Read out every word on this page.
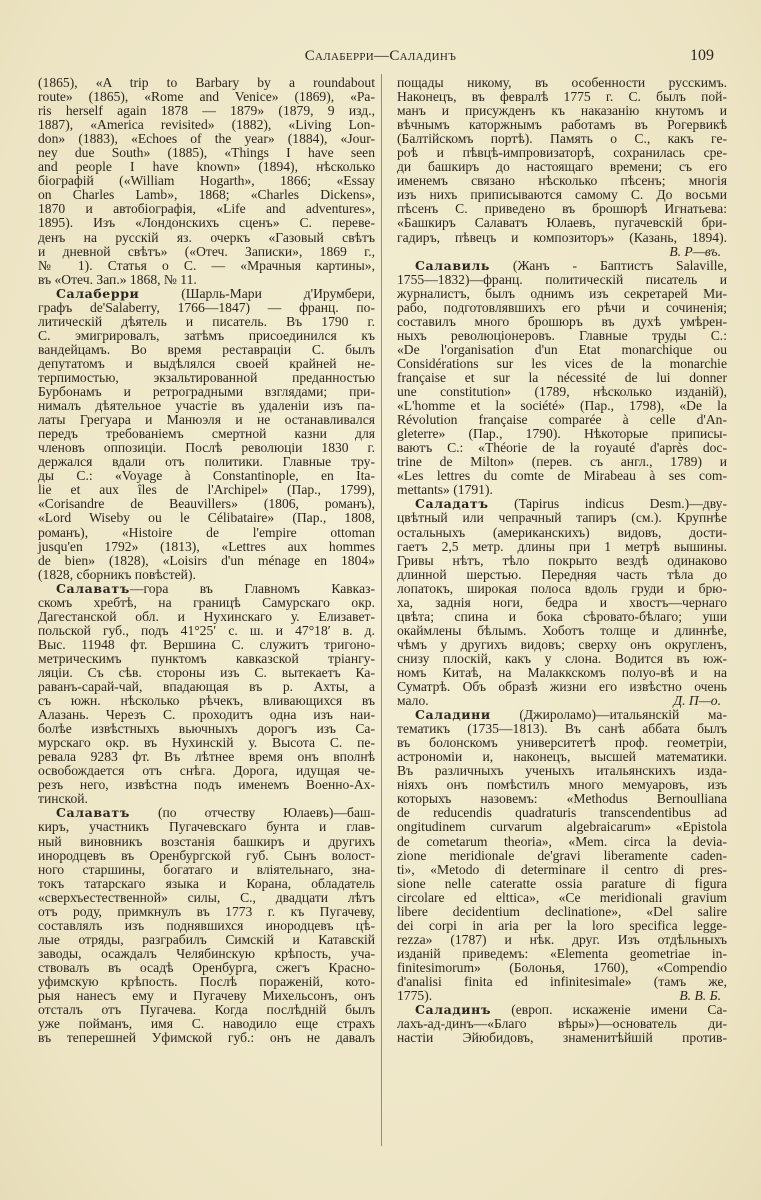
Салаберри—Саладинъ	109
(1865), «A trip to Barbary by a roundabout
route» (1865), «Rome and Venice» (1869), «Pa-
ris herself again 1878 — 1879» (1879, 9 изд.,
1887), «America revisited» (1882), «Living Lon-
don» (1883), «Echoes of the year» (1884), «Jour-
ney due South» (1885), «Things I have seen
and people I have known» (1894), нѣсколько
біографій («William Hogarth», 1866; «Essay
on Charles Lamb», 1868; «Charles Dickens»,
1870 и автобіографія, «Life and adventures»,
1895). Изъ «Лондонскихъ сценъ» С. переве-
денъ на русскій яз. очеркъ «Газовый свѣтъ
и дневной свѣтъ» («Отеч. Записки», 1869 г.,
№ 1). Статья о С. — «Мрачныя картины»,
въ «Отеч. Зап.» 1868, № 11.
Салаберри (Шарль-Мари д'Ирумбери,
графъ de'Salaberry, 1766—1847) — франц. по-
литическій дѣятель и писатель. Въ 1790 г.
С. эмигрировалъ, затѣмъ присоединился къ
вандейцамъ. Во время реставраціи С. былъ
депутатомъ и выдѣлялся своей крайней не-
терпимостью, экзальтированной преданностью
Бурбонамъ и ретроградными взглядами; при-
нималъ дѣятельное участіе въ удаленіи изъ па-
латы Грегуара и Манюэля и не останавливался
передъ требованіемъ смертной казни для
членовъ оппозиціи. Послѣ революціи 1830 г.
держался вдали отъ политики. Главные тру-
ды С.: «Voyage à Constantinople, en Ita-
lie et aux îles de l'Archipel» (Пар., 1799),
«Corisandre de Beauvillers» (1806, романъ),
«Lord Wiseby ou le Célibataire» (Пар., 1808,
романъ), «Histoire de l'empire ottoman
jusqu'en 1792» (1813), «Lettres aux hommes
de bien» (1828), «Loisirs d'un ménage en 1804»
(1828, сборникъ повѣстей).
Салаватъ—гора въ Главномъ Кавказ-
скомъ хребтѣ, на границѣ Самурскаго окр.
Дагестанской обл. и Нухинскаго у. Елизавет-
польской губ., подъ 41°25′ с. ш. и 47°18′ в. д.
Выс. 11948 фт. Вершина С. служитъ тригоно-
метрическимъ пунктомъ кавказской тріангу-
ляціи. Съ сѣв. стороны изъ С. вытекаетъ Ка-
раванъ-сарай-чай, впадающая въ р. Ахты, а
съ южн. нѣсколько рѣчекъ, вливающихся въ
Алазань. Черезъ С. проходитъ одна изъ наи-
болѣе извѣстныхъ вьючныхъ дорогъ изъ Са-
мурскаго окр. въ Нухинскій у. Высота С. пе-
ревала 9283 фт. Въ лѣтнее время онъ вполнѣ
освобождается отъ снѣга. Дорога, идущая че-
резъ него, извѣстна подъ именемъ Военно-Ах-
тинской.
Салаватъ (по отчеству Юлаевъ)—баш-
киръ, участникъ Пугачевскаго бунта и глав-
ный виновникъ возстанія башкиръ и другихъ
инородцевъ въ Оренбургской губ. Сынъ волост-
ного старшины, богатаго и вліятельнаго, зна-
токъ татарскаго языка и Корана, обладатель
«сверхъестественной» силы, С., двадцати лѣтъ
отъ роду, примкнулъ въ 1773 г. къ Пугачеву,
составлялъ изъ поднявшихся инородцевъ цѣ-
лые отряды, разграбилъ Симскій и Катавскій
заводы, осаждалъ Челябинскую крѣпость, уча-
ствовалъ въ осадѣ Оренбурга, сжегъ Красно-
уфимскую крѣпость. Послѣ пораженій, кото-
рыя нанесъ ему и Пугачеву Михельсонъ, онъ
отсталъ отъ Пугачева. Когда послѣдній былъ
уже пойманъ, имя С. наводило еще страхъ
въ теперешней Уфимской губ.: онъ не давалъ
пощады никому, въ особенности русскимъ.
Наконецъ, въ февралѣ 1775 г. С. былъ пой-
манъ и присужденъ къ наказанію кнутомъ и
вѣчнымъ каторжнымъ работамъ въ Рогервикѣ
(Балтійскомъ портѣ). Память о С., какъ ге-
роѣ и пѣвцѣ-импровизаторѣ, сохранилась сре-
ди башкиръ до настоящаго времени; съ его
именемъ связано нѣсколько пѣсенъ; многія
изъ нихъ приписываются самому С. До восьми
пѣсенъ С. приведено въ брошюрѣ Игнатьева:
«Башкиръ Салаватъ Юлаевъ, пугачевскій бри-
гадиръ, пѣвецъ и композиторъ» (Казань, 1894).
В. Р—въ.
Салавиль (Жанъ - Баптистъ Salaville,
1755—1832)—франц. политическій писатель и
журналистъ, былъ однимъ изъ секретарей Ми-
рабо, подготовлявшихъ его рѣчи и сочиненія;
составилъ много брошюръ въ духѣ умѣрен-
ныхъ революціонеровъ. Главные труды С.:
«De l'organisation d'un Etat monarchique ou
Considérations sur les vices de la monarchie
française et sur la nécessité de lui donner
une constitution» (1789, нѣсколько изданій),
«L'homme et la société» (Пар., 1798), «De la
Révolution française comparée à celle d'An-
gleterre» (Пар., 1790). Нѣкоторые приписы-
ваютъ С.: «Théorie de la royauté d'après doc-
trine de Milton» (перев. съ англ., 1789) и
«Les lettres du comte de Mirabeau à ses com-
mettants» (1791).
Саладатъ (Tapirus indicus Desm.)—дву-
цвѣтный или чепрачный тапиръ (см.). Крупнѣе
остальныхъ (американскихъ) видовъ, дости-
гаетъ 2,5 метр. длины при 1 метрѣ вышины.
Гривы нѣтъ, тѣло покрыто вездѣ одинаково
длинной шерстью. Передняя часть тѣла до
лопатокъ, широкая полоса вдоль груди и брю-
ха, заднія ноги, бедра и хвостъ—чернаго
цвѣта; спина и бока сѣровато-бѣлаго; уши
окаймлены бѣлымъ. Хоботъ толще и длиннѣе,
чѣмъ у другихъ видовъ; сверху онъ округленъ,
снизу плоскій, какъ у слона. Водится въ юж-
номъ Китаѣ, на Малаккскомъ полуо-вѣ и на
Суматрѣ. Объ образѣ жизни его извѣстно очень
мало.	Д. П—о.
Саладини (Джироламо)—итальянскій ма-
тематикъ (1735—1813). Въ санѣ аббата былъ
въ болонскомъ университетѣ проф. геометріи,
астрономіи и, наконецъ, высшей математики.
Въ различныхъ ученыхъ итальянскихъ изда-
ніяхъ онъ помѣстилъ много мемуаровъ, изъ
которыхъ назовемъ: «Methodus Bernoulliana
de reducendis quadraturis transcendentibus ad
ongitudinem curvarum algebraicarum» «Epistola
de cometarum theoria», «Mem. circa la devia-
zione meridionale de'gravi liberamente caden-
ti», «Metodo di determinare il centro di pres-
sione nelle cateratte ossia parature di figura
circolare ed elttica», «Ce meridionali gravium
libere decidentium declinatione», «Del salire
dei corpi in aria per la loro specifica legge-
rezza» (1787) и нѣк. друг. Изъ отдѣльныхъ
изданій приведемъ: «Elementa geometriae in-
finitesimorum» (Болонья, 1760), «Compendio
d'analisi finita ed infinitesimale» (тамъ же,
1775).	В. В. Б.
Саладинъ (европ. искаженіе имени Са-
лахъ-ад-динъ—«Благо вѣры»)—основатель ди-
настіи Эйюбидовъ, знаменитѣйшій против-
